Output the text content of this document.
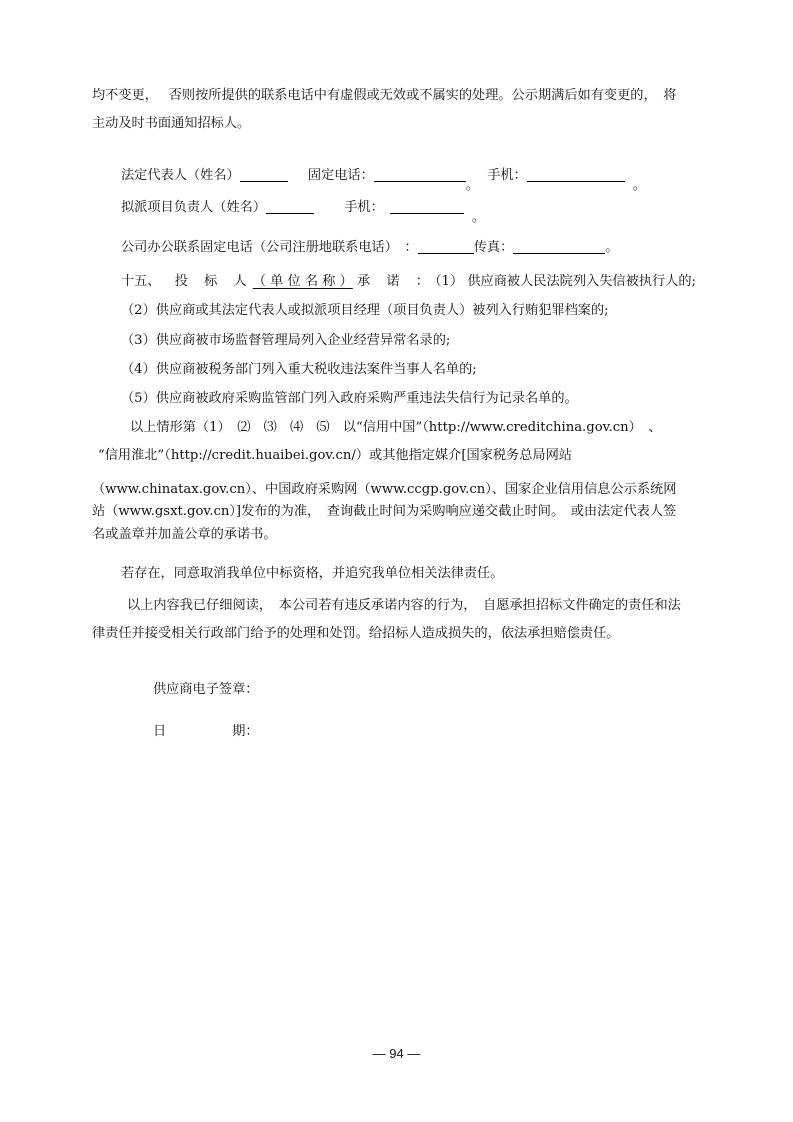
均不变更，　 否则按所提供的联系电话中有虚假或无效或不属实的处理。公示期满后如有变更的，　将
主动及时书面通知招标人。
法定代表人（姓名）	固定电话：。 手机：。
拟派项目负责人（姓名）	手机：。
公司办公联系固定电话（公司注册地联系电话）　：	传真：	。
十五、 投 标 人（ 单 位 名 称 ） 承 诺 ：（1） 供应商被人民法院列入失信被执行人的;
（2）供应商或其法定代表人或拟派项目经理（项目负责人）被列入行贿犯罪档案的;
（3）供应商被市场监督管理局列入企业经营异常名录的;
（4）供应商被税务部门列入重大税收违法案件当事人名单的;
（5）供应商被政府采购监管部门列入政府采购严重违法失信行为记录名单的。
以上情形第（1）　⑵　⑶　⑷　⑸　以“信用中国”（http://www.creditchina.gov.cn）　、
“信用淮北”（http://credit.huaibei.gov.cn/）或其他指定媒介[国家税务总局网站
（www.chinatax.gov.cn）、中国政府采购网（www.ccgp.gov.cn）、国家企业信用信息公示系统网
站（www.gsxt.gov.cn）]发布的为准，　查询截止时间为采购响应递交截止时间。　或由法定代表人签
名或盖章并加盖公章的承诺书。
若存在，同意取消我单位中标资格，并追究我单位相关法律责任。
以上内容我已仔细阅读，　本公司若有违反承诺内容的行为，　自愿承担招标文件确定的责任和法
律责任并接受相关行政部门给予的处理和处罚。给招标人造成损失的，依法承担赔偿责任。
供应商电子签章：
日	期：
— 94 —
